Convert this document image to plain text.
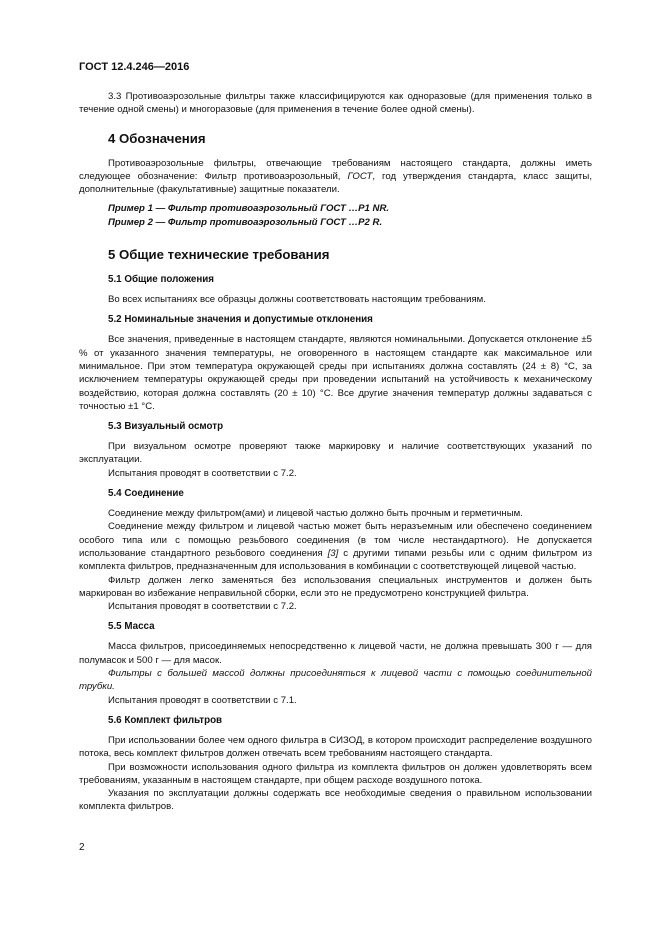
ГОСТ 12.4.246—2016

3.3 Противоаэрозольные фильтры также классифицируются как одноразовые (для применения только в течение одной смены) и многоразовые (для применения в течение более одной смены).

4 Обозначения

Противоаэрозольные фильтры, отвечающие требованиям настоящего стандарта, должны иметь следующее обозначение: Фильтр противоаэрозольный, ГОСТ, год утверждения стандарта, класс защиты, дополнительные (факультативные) защитные показатели.

Пример 1 — Фильтр противоаэрозольный ГОСТ …P1 NR.

Пример 2 — Фильтр противоаэрозольный ГОСТ …P2 R.

5 Общие технические требования
5.1 Общие положения

Во всех испытаниях все образцы должны соответствовать настоящим требованиям.

5.2 Номинальные значения и допустимые отклонения

Все значения, приведенные в настоящем стандарте, являются номинальными. Допускается отклонение ±5 % от указанного значения температуры, не оговоренного в настоящем стандарте как максимальное или минимальное. При этом температура окружающей среды при испытаниях должна составлять (24 ± 8) °С, за исключением температуры окружающей среды при проведении испытаний на устойчивость к механическому воздействию, которая должна составлять (20 ± 10) °С. Все другие значения температур должны задаваться с точностью ±1 °С.

5.3 Визуальный осмотр

При визуальном осмотре проверяют также маркировку и наличие соответствующих указаний по эксплуатации.

Испытания проводят в соответствии с 7.2.

5.4 Соединение

Соединение между фильтром(ами) и лицевой частью должно быть прочным и герметичным.

Соединение между фильтром и лицевой частью может быть неразъемным или обеспечено соединением особого типа или с помощью резьбового соединения (в том числе нестандартного). Не допускается использование стандартного резьбового соединения [3] с другими типами резьбы или с одним фильтром из комплекта фильтров, предназначенным для использования в комбинации с соответствующей лицевой частью.

Фильтр должен легко заменяться без использования специальных инструментов и должен быть маркирован во избежание неправильной сборки, если это не предусмотрено конструкцией фильтра.

Испытания проводят в соответствии с 7.2.

5.5 Масса

Масса фильтров, присоединяемых непосредственно к лицевой части, не должна превышать 300 г — для полумасок и 500 г — для масок.

Фильтры с большей массой должны присоединяться к лицевой части с помощью соединительной трубки.

Испытания проводят в соответствии с 7.1.

5.6 Комплект фильтров

При использовании более чем одного фильтра в СИЗОД, в котором происходит распределение воздушного потока, весь комплект фильтров должен отвечать всем требованиям настоящего стандарта.

При возможности использования одного фильтра из комплекта фильтров он должен удовлетворять всем требованиям, указанным в настоящем стандарте, при общем расходе воздушного потока.

Указания по эксплуатации должны содержать все необходимые сведения о правильном использовании комплекта фильтров.

2
